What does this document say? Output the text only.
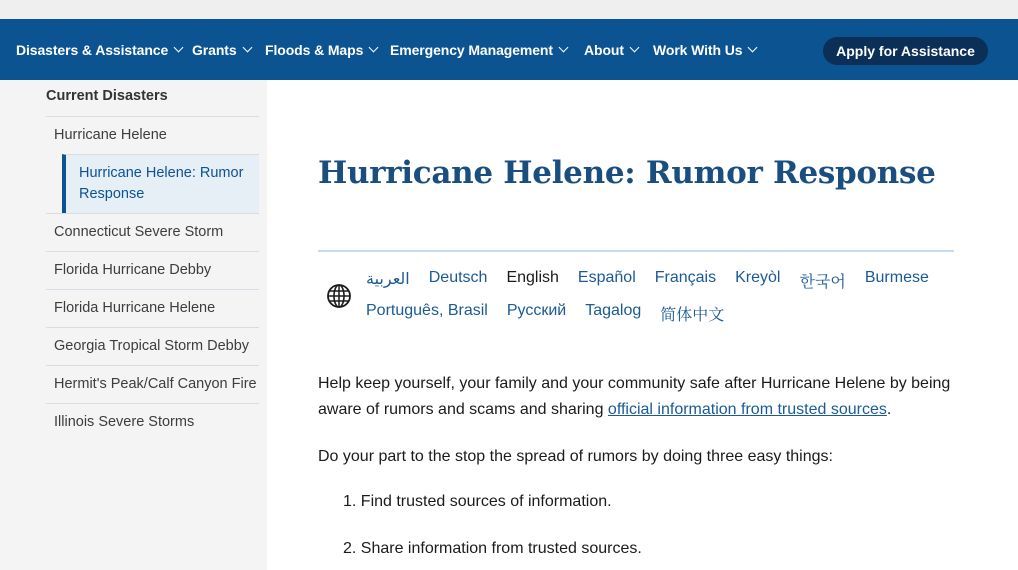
Disasters & Assistance Grants Floods & Maps Emergency Management About Work With Us	Apply for Assistance
Current Disasters
Hurricane Helene
Hurricane Helene: Rumor Response
Connecticut Severe Storm
Florida Hurricane Debby
Florida Hurricane Helene
Georgia Tropical Storm Debby
Hermit's Peak/Calf Canyon Fire
Illinois Severe Storms
Hurricane Helene: Rumor Response
العربية Deutsch English Español Français Kreyòl 한국어 Burmese
Português, Brasil Русский Tagalog 简体中文

Help keep yourself, your family and your community safe after Hurricane Helene by being aware of rumors and scams and sharing official information from trusted sources.

Do your part to the stop the spread of rumors by doing three easy things:

1. Find trusted sources of information.
2. Share information from trusted sources.
